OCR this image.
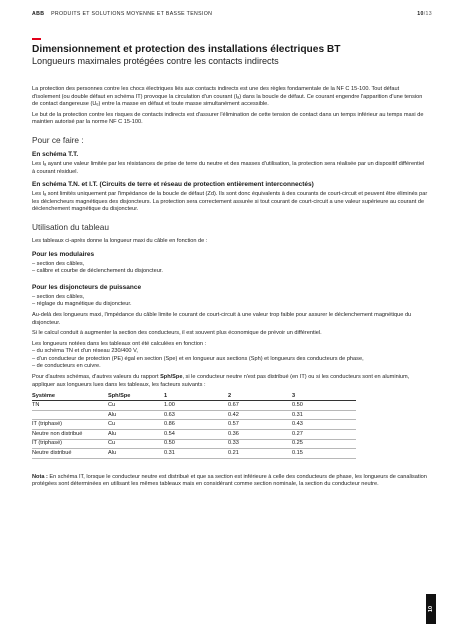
ABB PRODUITS ET SOLUTIONS MOYENNE ET BASSE TENSION	10/13
Dimensionnement et protection des installations électriques BT
Longueurs maximales protégées contre les contacts indirects

La protection des personnes contre les chocs électriques liés aux contacts indirects est une des règles fondamentale de la NF C 15-100. Tout défaut d'isolement (ou double défaut en schéma IT) provoque la circulation d'un courant (Iₐ) dans la boucle de défaut. Ce courant engendre l'apparition d'une tension de contact dangereuse (Uₑ) entre la masse en défaut et toute masse simultanément accessible.

Le but de la protection contre les risques de contacts indirects est d'assurer l'élimination de cette tension de contact dans un temps inférieur au temps maxi de maintien autorisé par la norme NF C 15-100.

Pour ce faire :
En schéma T.T.

Les Iₐ ayant une valeur limitée par les résistances de prise de terre du neutre et des masses d'utilisation, la protection sera réalisée par un dispositif différentiel à courant résiduel.

En schéma T.N. et I.T. (Circuits de terre et réseau de protection entièrement interconnectés)

Les Iₐ sont limités uniquement par l'impédance de la boucle de défaut (Zd). Ils sont donc équivalents à des courants de court-circuit et peuvent être éliminés par les déclencheurs magnétiques des disjoncteurs. La protection sera correctement assurée si tout courant de court-circuit a une valeur supérieure au courant de déclenchement magnétique du disjoncteur.

Utilisation du tableau

Les tableaux ci-après donne la longueur maxi du câble en fonction de :

Pour les modulaires

– section des câbles,
– calibre et courbe de déclenchement du disjoncteur.

Pour les disjoncteurs de puissance

– section des câbles,
– réglage du magnétique du disjoncteur.

Au-delà des longueurs maxi, l'impédance du câble limite le courant de court-circuit à une valeur trop faible pour assurer le déclenchement magnétique du disjoncteur.

Si le calcul conduit à augmenter la section des conducteurs, il est souvent plus économique de prévoir un différentiel.

Les longueurs notées dans les tableaux ont été calculées en fonction :
– du schéma TN et d'un réseau 230/400 V,
– d'un conducteur de protection (PE) égal en section (Spe) et en longueur aux sections (Sph) et longueurs des conducteurs de phase,
– de conducteurs en cuivre.

Pour d'autres schémas, d'autres valeurs du rapport Sph/Spe, si le conducteur neutre n'est pas distribué (en IT) ou si les conducteurs sont en aluminium, appliquer aux longueurs lues dans les tableaux, les facteurs suivants :

Système	Sph/Spe	1	2	3
TN	Cu	1.00	0.67	0.50
	Alu	0.63	0.42	0.31
IT (triphasé)	Cu	0.86	0.57	0.43
Neutre non distribué	Alu	0.54	0.36	0.27
IT (triphasé)	Cu	0.50	0.33	0.25
Neutre distribué	Alu	0.31	0.21	0.15

Nota : En schéma IT, lorsque le conducteur neutre est distribué et que sa section est inférieure à celle des conducteurs de phase, les longueurs de canalisation protégées sont déterminées en utilisant les mêmes tableaux mais en considérant comme section nominale, la section du conducteur neutre.

10
